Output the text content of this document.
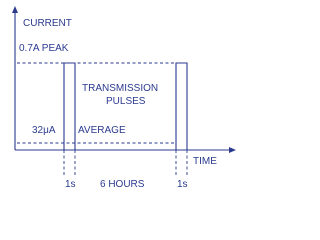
CURRENT
TIME
0.7A PEAK
32μA AVERAGE
TRANSMISSION
PULSES
1s 6 HOURS	1s
